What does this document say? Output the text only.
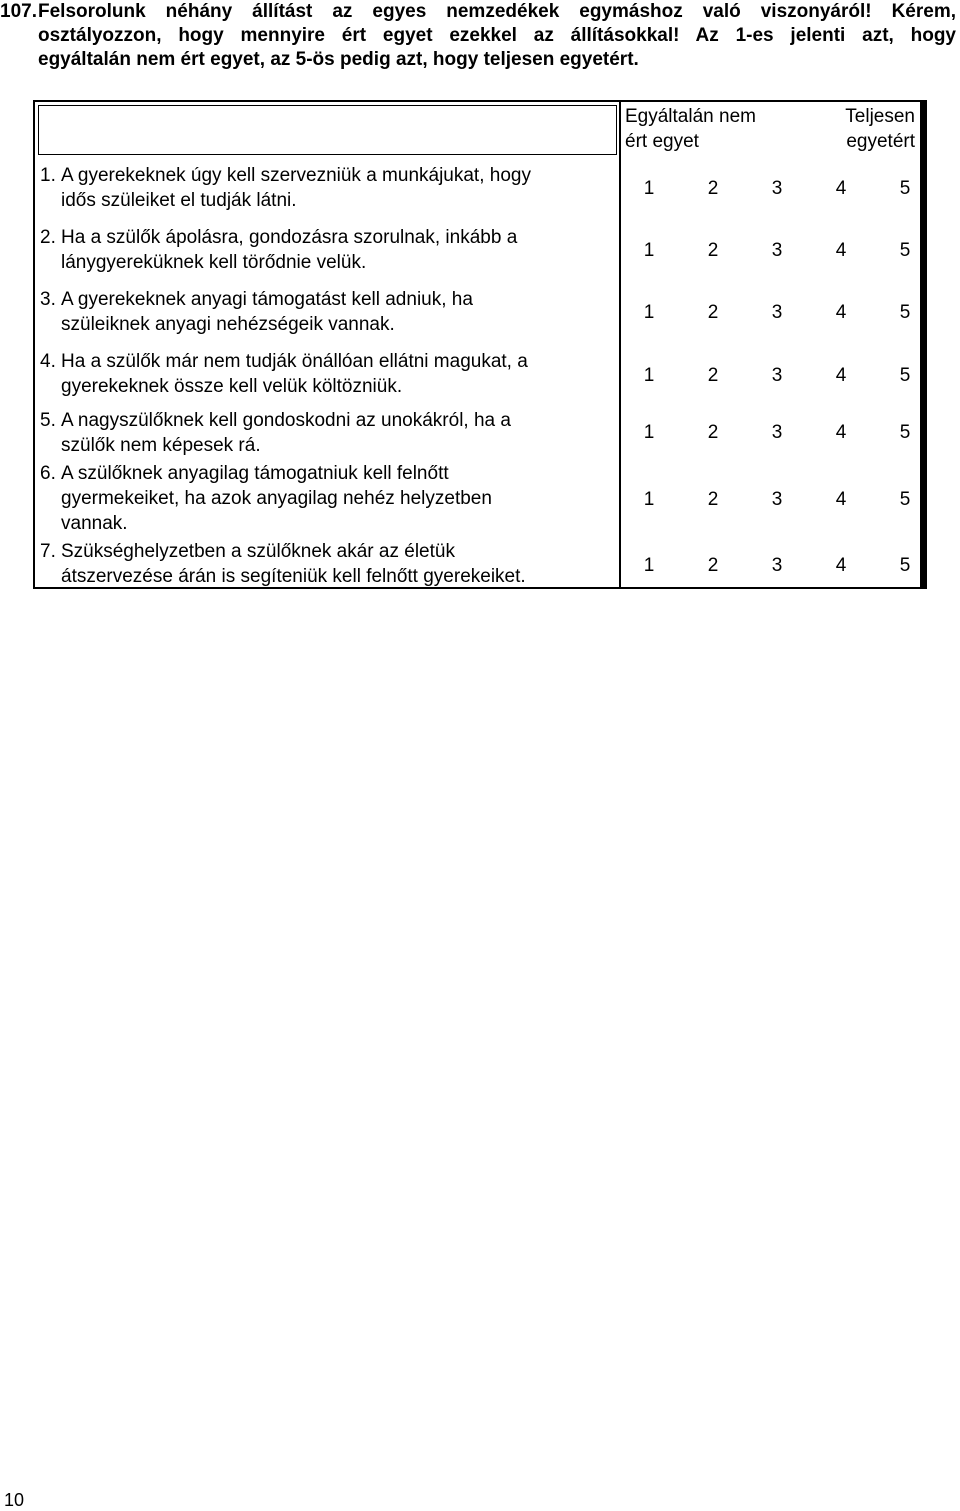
107. Felsorolunk néhány állítást az egyes nemzedékek egymáshoz való viszonyáról! Kérem,
osztályozzon, hogy mennyire ért egyet ezekkel az állításokkal! Az 1-es jelenti azt, hogy
egyáltalán nem ért egyet, az 5-ös pedig azt, hogy teljesen egyetért.
Egyáltalán nem
ért egyet
Teljesen
egyetért
1. A gyerekeknek úgy kell szervezniük a munkájukat, hogy
idős szüleiket el tudják látni.
1	2	3	4	5
2. Ha a szülők ápolásra, gondozásra szorulnak, inkább a
lánygyereküknek kell törődnie velük.
1	2	3	4	5
3. A gyerekeknek anyagi támogatást kell adniuk, ha
szüleiknek anyagi nehézségeik vannak.
1	2	3	4	5
4. Ha a szülők már nem tudják önállóan ellátni magukat, a
gyerekeknek össze kell velük költözniük.
1	2	3	4	5
5. A nagyszülőknek kell gondoskodni az unokákról, ha a
szülők nem képesek rá.
1	2	3	4	5
6. A szülőknek anyagilag támogatniuk kell felnőtt
gyermekeiket, ha azok anyagilag nehéz helyzetben
vannak.
1	2	3	4	5
7. Szükséghelyzetben a szülőknek akár az életük
átszervezése árán is segíteniük kell felnőtt gyerekeiket.
1	2	3	4	5
10
